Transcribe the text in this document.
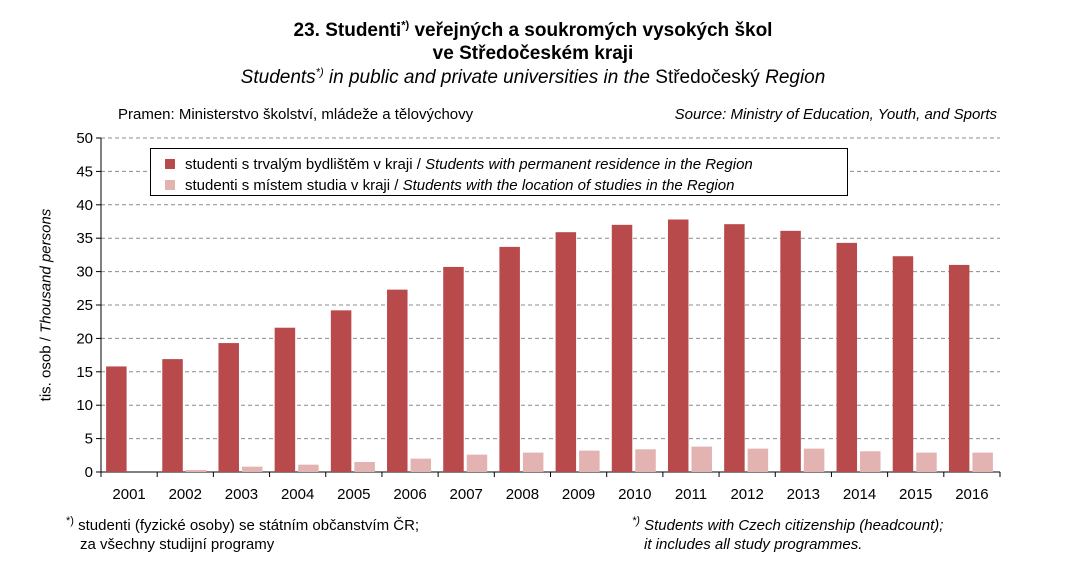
23. Studenti*) veřejných a soukromých vysokých škol
ve Středočeském kraji
Students*) in public and private universities in the Středočeský Region
Pramen: Ministerstvo školství, mládeže a tělovýchovy	Source: Ministry of Education, Youth, and Sports
0
5
10
15
20
25
30
35
40
45
50
2001 2002 2003 2004 2005 2006 2007 2008 2009 2010 2011 2012 2013 2014 2015 2016
tis. osob / Thousand persons
studenti s trvalým bydlištěm v kraji / Students with permanent residence in the Region
studenti s místem studia v kraji / Students with the location of studies in the Region
*) studenti (fyzické osoby) se státním občanstvím ČR;
za všechny studijní programy
*) Students with Czech citizenship (headcount);
it includes all study programmes.
